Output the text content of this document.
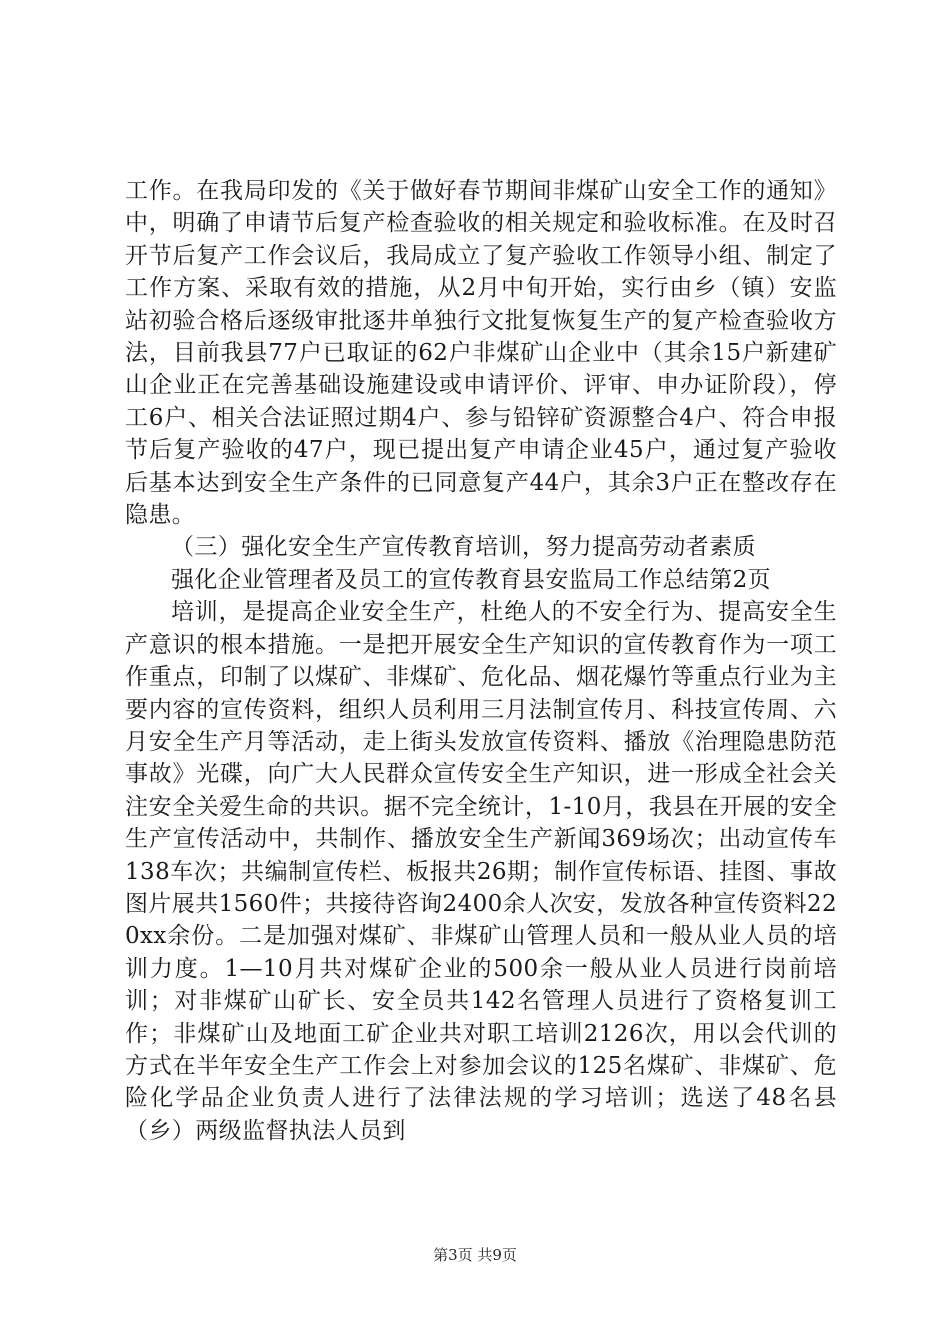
工作。在我局印发的《关于做好春节期间非煤矿山安全工作的通知》中，明确了申请节后复产检查验收的相关规定和验收标准。在及时召开节后复产工作会议后，我局成立了复产验收工作领导小组、制定了工作方案、采取有效的措施，从2月中旬开始，实行由乡（镇）安监站初验合格后逐级审批逐井单独行文批复恢复生产的复产检查验收方法，目前我县77户已取证的62户非煤矿山企业中（其余15户新建矿山企业正在完善基础设施建设或申请评价、评审、申办证阶段），停工6户、相关合法证照过期4户、参与铅锌矿资源整合4户、符合申报节后复产验收的47户，现已提出复产申请企业45户，通过复产验收后基本达到安全生产条件的已同意复产44户，其余3户正在整改存在隐患。

（三）强化安全生产宣传教育培训，努力提高劳动者素质

强化企业管理者及员工的宣传教育县安监局工作总结第2页

培训，是提高企业安全生产，杜绝人的不安全行为、提高安全生产意识的根本措施。一是把开展安全生产知识的宣传教育作为一项工作重点，印制了以煤矿、非煤矿、危化品、烟花爆竹等重点行业为主要内容的宣传资料，组织人员利用三月法制宣传月、科技宣传周、六月安全生产月等活动，走上街头发放宣传资料、播放《治理隐患防范事故》光碟，向广大人民群众宣传安全生产知识，进一形成全社会关注安全关爱生命的共识。据不完全统计，1-10月，我县在开展的安全生产宣传活动中，共制作、播放安全生产新闻369场次；出动宣传车138车次；共编制宣传栏、板报共26期；制作宣传标语、挂图、事故图片展共1560件；共接待咨询2400余人次安，发放各种宣传资料220xx余份。二是加强对煤矿、非煤矿山管理人员和一般从业人员的培训力度。1—10月共对煤矿企业的500余一般从业人员进行岗前培训；对非煤矿山矿长、安全员共142名管理人员进行了资格复训工作；非煤矿山及地面工矿企业共对职工培训2126次，用以会代训的方式在半年安全生产工作会上对参加会议的125名煤矿、非煤矿、危险化学品企业负责人进行了法律法规的学习培训；选送了48名县（乡）两级监督执法人员到

第3页 共9页
